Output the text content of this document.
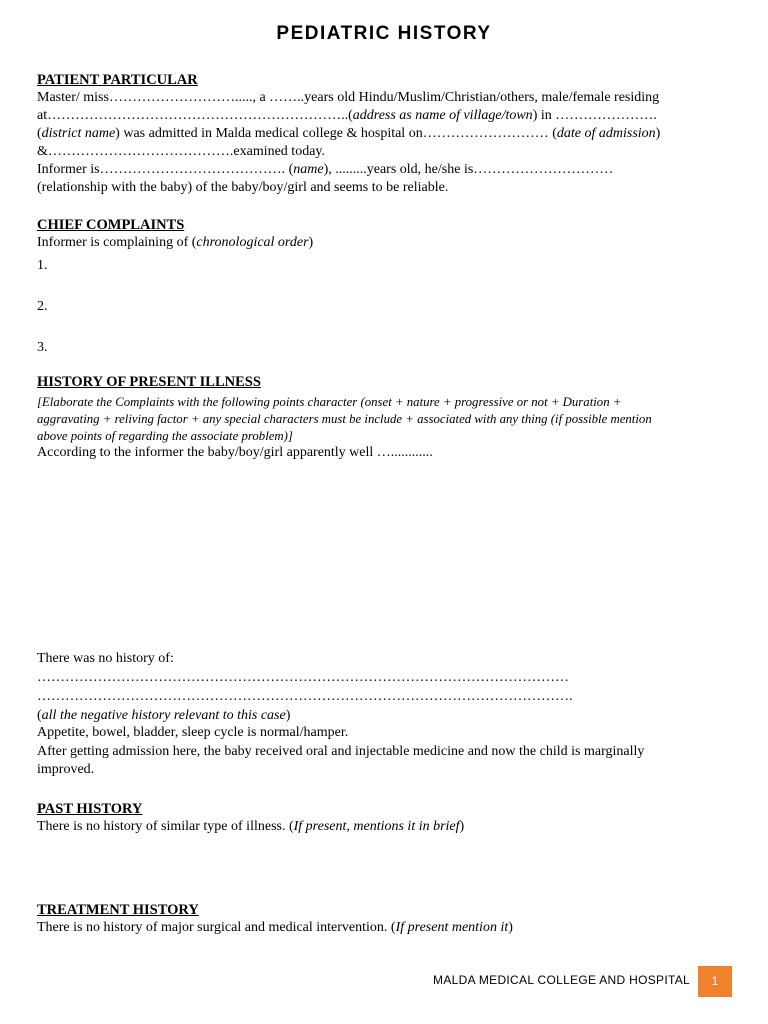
PEDIATRIC HISTORY
PATIENT PARTICULAR
Master/ miss………………………....., a ……..years old Hindu/Muslim/Christian/others, male/female residing
at………………………………………………………..(address as name of village/town) in ………………….
(district name) was admitted in Malda medical college & hospital on……………………… (date of admission)
&………………………………….examined today.
Informer is…………………………………. (name), .........years old, he/she is…………………………
(relationship with the baby) of the baby/boy/girl and seems to be reliable.
CHIEF COMPLAINTS
Informer is complaining of (chronological order)
1.
2.
3.
HISTORY OF PRESENT ILLNESS
[Elaborate the Complaints with the following points character (onset + nature + progressive or not + Duration +
aggravating + reliving factor + any special characters must be include + associated with any thing (if possible mention
above points of regarding the associate problem)]
According to the informer the baby/boy/girl apparently well …............
There was no history of:
……………………………………………………………………………………………………
…………………………………………………………………………………………………….
(all the negative history relevant to this case)
Appetite, bowel, bladder, sleep cycle is normal/hamper.
After getting admission here, the baby received oral and injectable medicine and now the child is marginally
improved.
PAST HISTORY
There is no history of similar type of illness. (If present, mentions it in brief)
TREATMENT HISTORY
There is no history of major surgical and medical intervention. (If present mention it)
MALDA MEDICAL COLLEGE AND HOSPITAL	1
